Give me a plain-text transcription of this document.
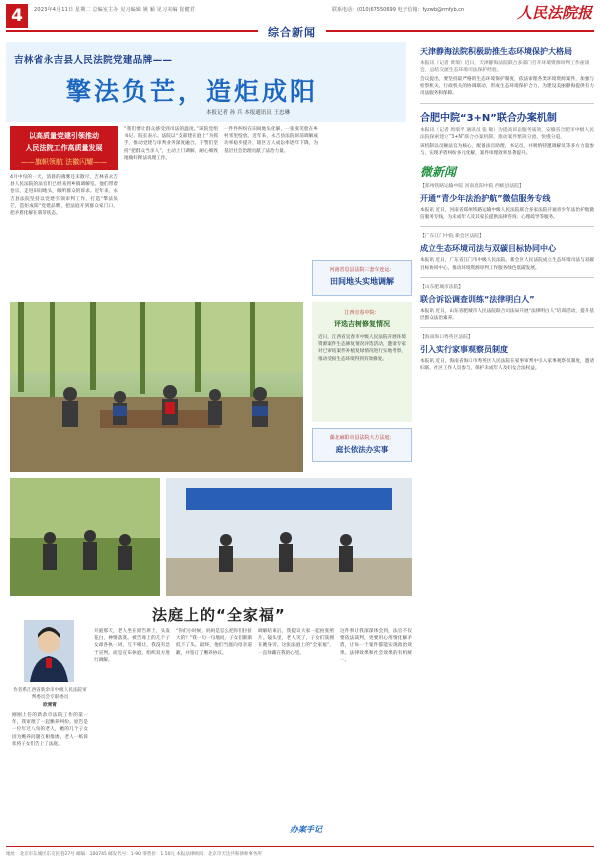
4	2023年4月11日 星期二 总编室主办 见习编辑 姚 颖 见习美编 崔健君	联系电话：(010)67550699 电子信箱：fyzwb@rmfyb.cn	人民法院报
综合新闻
吉林省永吉县人民法院党建品牌——
擎法负芒，造炬成阳
本报记者 孙 兵 本报通讯员 王忠琳
以高质量党建引领推动
人民法院工作高质量发展
——旗帜领航 法徽闪耀——
4月中旬的一天，清晨的薄雾还未散尽，吉林省永吉县人民法院的法官们已经来到乡镇调解室。他们带着卷宗，走进田间地头，倾听群众的诉求。近年来，永吉县法院坚持以党建引领审判工作，打造“擎法负芒，造炬成阳”党建品牌，把法庭开到群众家门口，把矛盾化解在萌芽状态。
“我们要让群众感受到司法的温度。”该院党组书记、院长表示。法院以“支部建在庭上”为抓手，推动党建与审判业务深度融合。干警们坚持“把群众当亲人”，主动上门调解，耐心细致地做好释法说理工作。
一件件纠纷在田间地头化解，一张张笑脸在乡村邻里绽放。近年来，永吉县法院诉前调解成功率稳步提升，辖区万人成讼率逐年下降，为基层社会治理贡献了法治力量。
河南省息县法院三套车连运：
田间地头实地调解
江西宜春中院：
评选吉树修复情况
近日，江西省宜春市中级人民法院开展环境资源案件生态修复情况评选活动，邀请专家对已审结案件补植复绿情况进行实地考察，推动受损生态环境得到有效修复。
湖北麻阳市县法院大方法庭：
庭长依法办实事
天津静海法院积极助推生态环境保护大格局
本报讯（记者 黄瑞）近日，天津静海法院联合多部门召开环境资源审判工作座谈会，总结交流生态环境司法保护经验。
会议提出，要坚持最严格的生态环境保护制度，依法审理各类环境资源案件，加强与检察机关、行政机关的协调联动，形成生态环境保护合力，为建设美丽静海提供有力司法服务和保障。
合肥中院“3+N”联合办案机制
本报讯（记者 周瑞平 通讯员 张 敏）为提高诉讼服务质效，安徽省合肥市中级人民法院探索建立“3+N”联合办案机制，推动案件繁简分流、快慢分道。
该机制以员额法官为核心，配备法官助理、书记员，并吸纳特邀调解员等多方力量参与，实现矛盾纠纷多元化解，案件审理效率显著提升。
微新闻
【郑州铁路运输中院 河南息阳中院 西峡县法院】
开通“青少年法治护航”微信服务专线
本报讯 近日，河南省郑州铁路运输中级人民法院联合多家法院开通青少年法治护航微信服务专线，为未成年人及其家长提供法律咨询、心理疏导等服务。
【广东江门中院 新会区法院】
成立生态环境司法与双碳目标协同中心
本报讯 近日，广东省江门市中级人民法院、新会区人民法院成立生态环境司法与双碳目标协同中心，推动环境资源审判工作服务绿色低碳发展。
【山东肥城市法院】
联合诉讼调查训练“法律明白人”
本报讯 近日，山东省肥城市人民法院联合司法局开展“法律明白人”培训活动，提升基层群众法治素养。
【海南海口秀英区法院】
引入实行家事观察员制度
本报讯 近日，海南省海口市秀英区人民法院在家事审判中引入家事观察员制度，邀请妇联、社区工作人员参与，保护未成年人及妇女合法权益。
法庭上的“全家福”
作者系江西省新余市中级人民法院审判委员会专职委员
欧霄霄
刚刚上任的新余市法院工作的第一年，我审理了一起赡养纠纷。原告是一位年过八旬的老人，她的几个子女因为赡养问题互相推诿，老人一纸诉状将子女们告上了法庭。
开庭那天，老人坐在原告席上，头发花白，神情落寞。被告席上的几个子女却各执一词，互不相让。我没有急于宣判，而是宣布休庭，组织双方进行调解。
“你们小时候，妈妈是怎么把你们拉扯大的？”我一句一句地问，子女们渐渐低下了头。最终，他们当庭向母亲道歉，并签订了赡养协议。
调解结束后，我提议大家一起拍张照片。镜头里，老人笑了，子女们簇拥在她身旁。这张法庭上的“全家福”，一直珍藏在我的心里。
这件事让我深深体会到，法官不仅要依法裁判，更要用心用情化解矛盾，让每一个案件都能实现政治效果、法律效果和社会效果的有机统一。
办案手记
地址：北京市东城区东交民巷27号 邮编：100745 邮发代号：1-90 零售价：1.50元 本报法律顾问：北京市天达共和律师事务所
